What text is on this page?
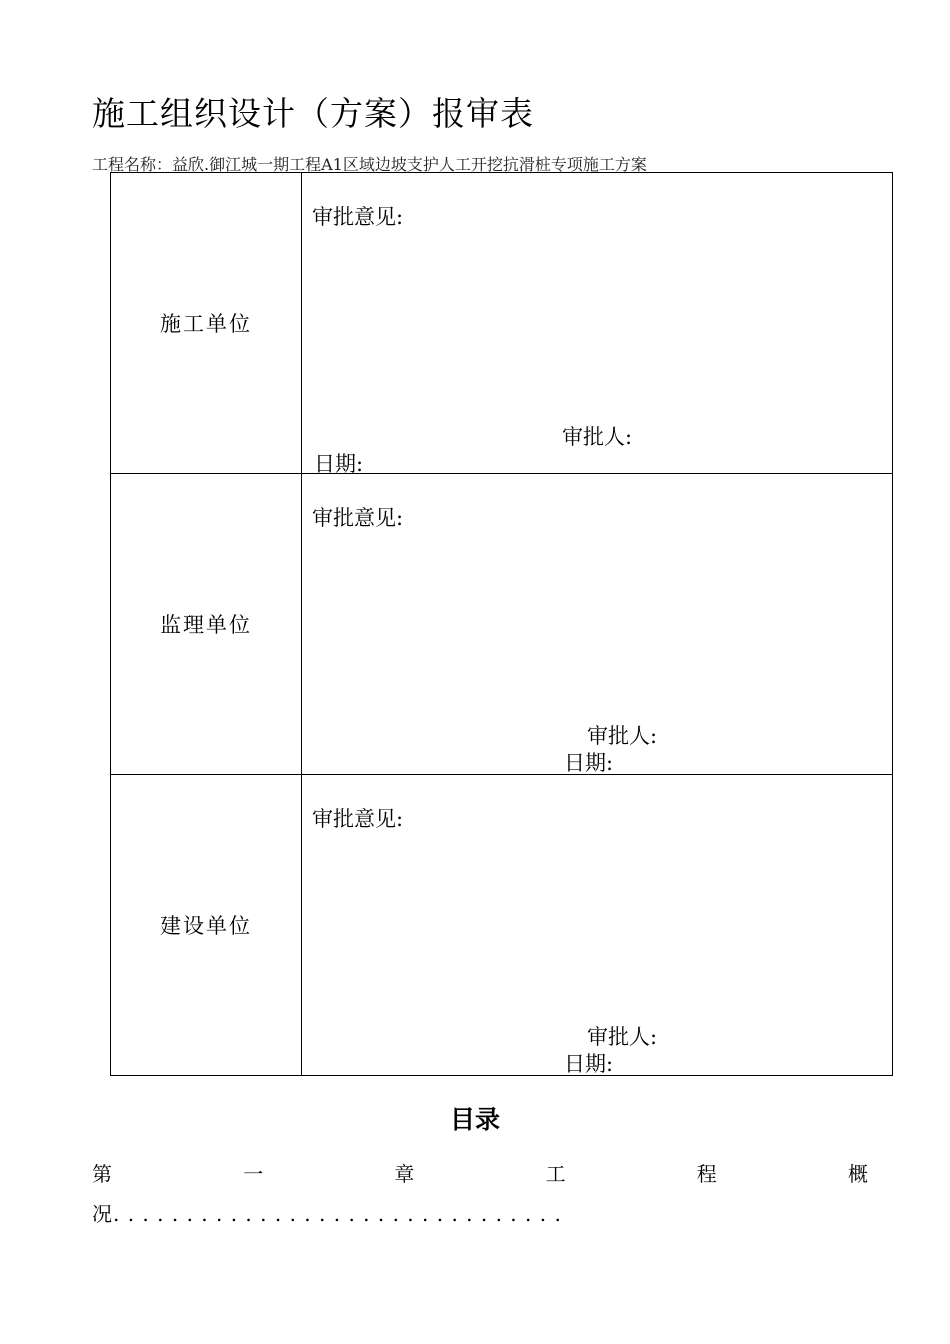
施工组织设计（方案）报审表
工程名称：益欣.御江城一期工程A1区域边坡支护人工开挖抗滑桩专项施工方案
施工单位	审批意见:
审批人:
日期:

监理单位	审批意见:
审批人:
日期:

建设单位	审批意见:
审批人:
日期:
目录
第	一	章	工	程	概
况. . . . . . . . . . . . . . . . . . . . . . . . . . . . . . .
